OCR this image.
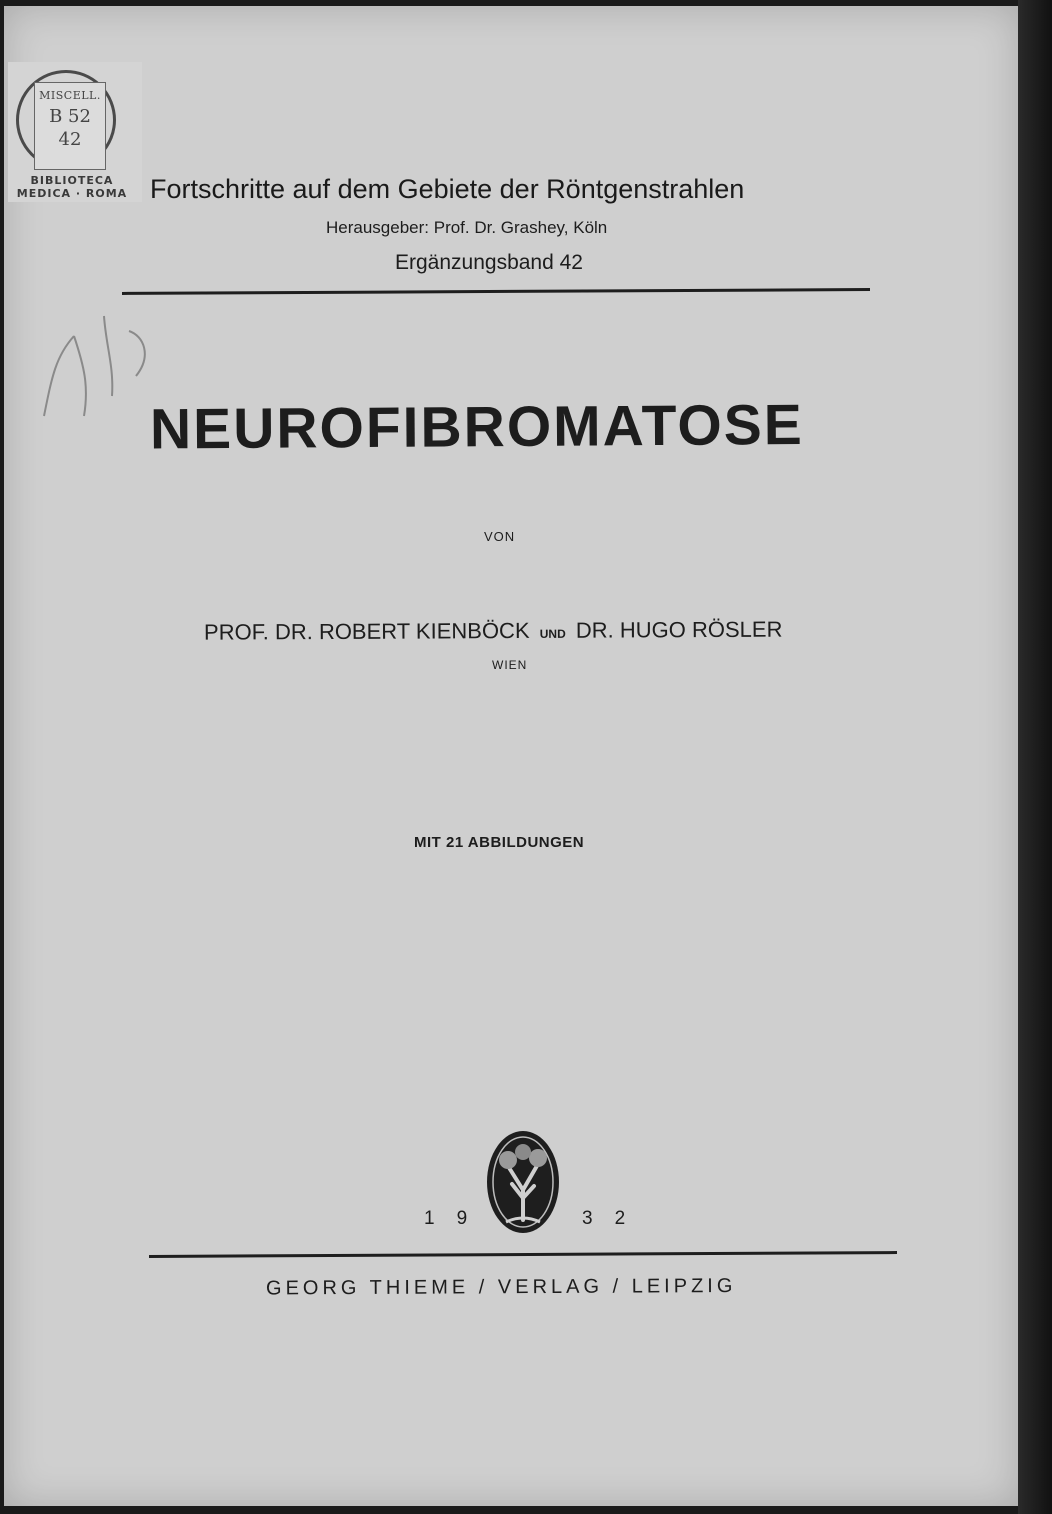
MISCELL.
B 52
42
BIBLIOTECA MEDICA · ROMA Fortschritte auf dem Gebiete der Röntgenstrahlen
Herausgeber: Prof. Dr. Grashey, Köln
Ergänzungsband 42
NEUROFIBROMATOSE
VON
PROF. DR. ROBERT KIENBÖCK UND DR. HUGO RÖSLER
WIEN
MIT 21 ABBILDUNGEN
19	32
GEORG THIEME / VERLAG / LEIPZIG
